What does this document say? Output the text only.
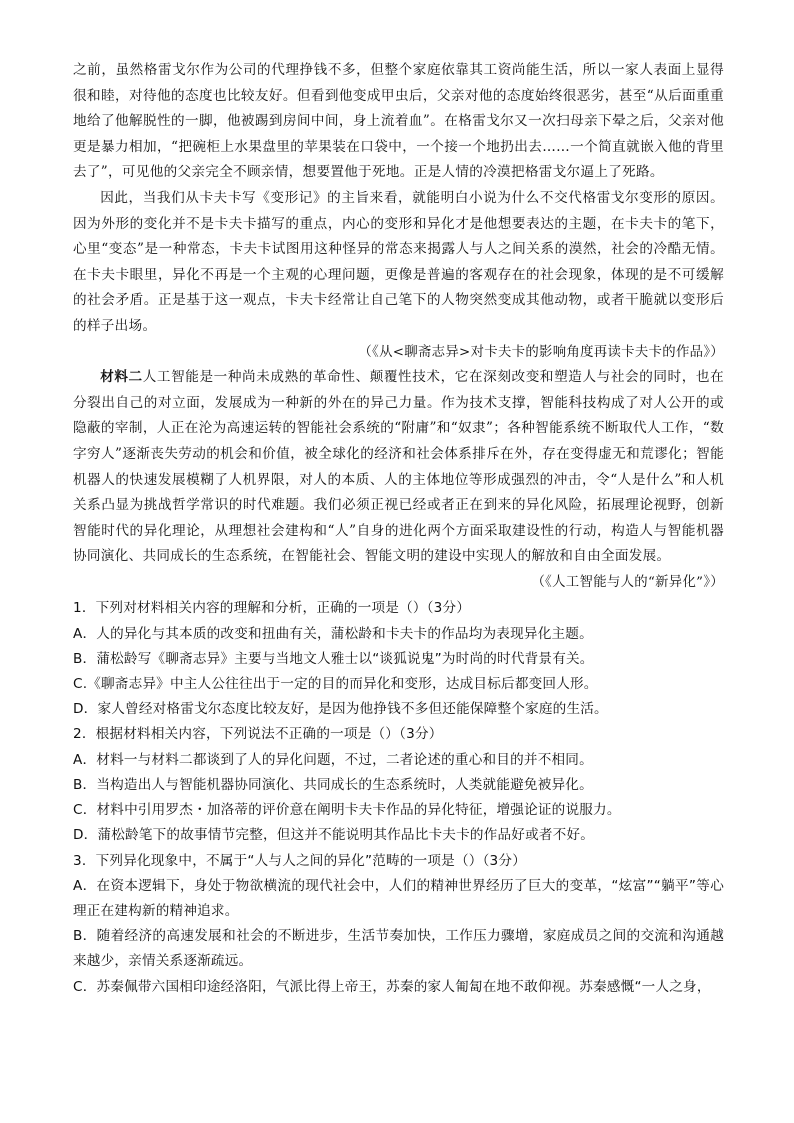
之前，虽然格雷戈尔作为公司的代理挣钱不多，但整个家庭依靠其工资尚能生活，所以一家人表面上显得很和睦，对待他的态度也比较友好。但看到他变成甲虫后，父亲对他的态度始终很恶劣，甚至“从后面重重地给了他解脱性的一脚，他被踢到房间中间，身上流着血”。在格雷戈尔又一次扫母亲下晕之后，父亲对他更是暴力相加，“把碗柜上水果盘里的苹果装在口袋中，一个接一个地扔出去……一个简直就嵌入他的背里去了”，可见他的父亲完全不顾亲情，想要置他于死地。正是人情的冷漠把格雷戈尔逼上了死路。

因此，当我们从卡夫卡写《变形记》的主旨来看，就能明白小说为什么不交代格雷戈尔变形的原因。因为外形的变化并不是卡夫卡描写的重点，内心的变形和异化才是他想要表达的主题，在卡夫卡的笔下，心里“变态”是一种常态，卡夫卡试图用这种怪异的常态来揭露人与人之间关系的漠然，社会的冷酷无情。在卡夫卡眼里，异化不再是一个主观的心理问题，更像是普遍的客观存在的社会现象，体现的是不可缓解的社会矛盾。正是基于这一观点，卡夫卡经常让自己笔下的人物突然变成其他动物，或者干脆就以变形后的样子出场。

（《从<聊斋志异>对卡夫卡的影响角度再读卡夫卡的作品》）

材料二人工智能是一种尚未成熟的革命性、颠覆性技术，它在深刻改变和塑造人与社会的同时，也在分裂出自己的对立面，发展成为一种新的外在的异己力量。作为技术支撑，智能科技构成了对人公开的或隐蔽的宰制，人正在沦为高速运转的智能社会系统的“附庸”和“奴隶”；各种智能系统不断取代人工作，“数字穷人”逐渐丧失劳动的机会和价值，被全球化的经济和社会体系排斥在外，存在变得虚无和荒谬化；智能机器人的快速发展模糊了人机界限，对人的本质、人的主体地位等形成强烈的冲击，令“人是什么”和人机关系凸显为挑战哲学常识的时代难题。我们必须正视已经或者正在到来的异化风险，拓展理论视野，创新智能时代的异化理论，从理想社会建构和“人”自身的进化两个方面采取建设性的行动，构造人与智能机器协同演化、共同成长的生态系统，在智能社会、智能文明的建设中实现人的解放和自由全面发展。

（《人工智能与人的“新异化”》）

1．下列对材料相关内容的理解和分析，正确的一项是（）（3分）

A．人的异化与其本质的改变和扭曲有关，蒲松龄和卡夫卡的作品均为表现异化主题。

B．蒲松龄写《聊斋志异》主要与当地文人雅士以“谈狐说鬼”为时尚的时代背景有关。

C.《聊斋志异》中主人公往往出于一定的目的而异化和变形，达成目标后都变回人形。

D．家人曾经对格雷戈尔态度比较友好，是因为他挣钱不多但还能保障整个家庭的生活。

2．根据材料相关内容，下列说法不正确的一项是（）（3分）

A．材料一与材料二都谈到了人的异化问题，不过，二者论述的重心和目的并不相同。

B．当构造出人与智能机器协同演化、共同成长的生态系统时，人类就能避免被异化。

C．材料中引用罗杰・加洛蒂的评价意在阐明卡夫卡作品的异化特征，增强论证的说服力。

D．蒲松龄笔下的故事情节完整，但这并不能说明其作品比卡夫卡的作品好或者不好。

3．下列异化现象中，不属于“人与人之间的异化”范畴的一项是（）（3分）

A．在资本逻辑下，身处于物欲横流的现代社会中，人们的精神世界经历了巨大的变革，“炫富”“躺平”等心理正在建构新的精神追求。

B．随着经济的高速发展和社会的不断进步，生活节奏加快，工作压力骤增，家庭成员之间的交流和沟通越来越少，亲情关系逐渐疏远。

C．苏秦佩带六国相印途经洛阳，气派比得上帝王，苏秦的家人匍匐在地不敢仰视。苏秦感慨“一人之身，
